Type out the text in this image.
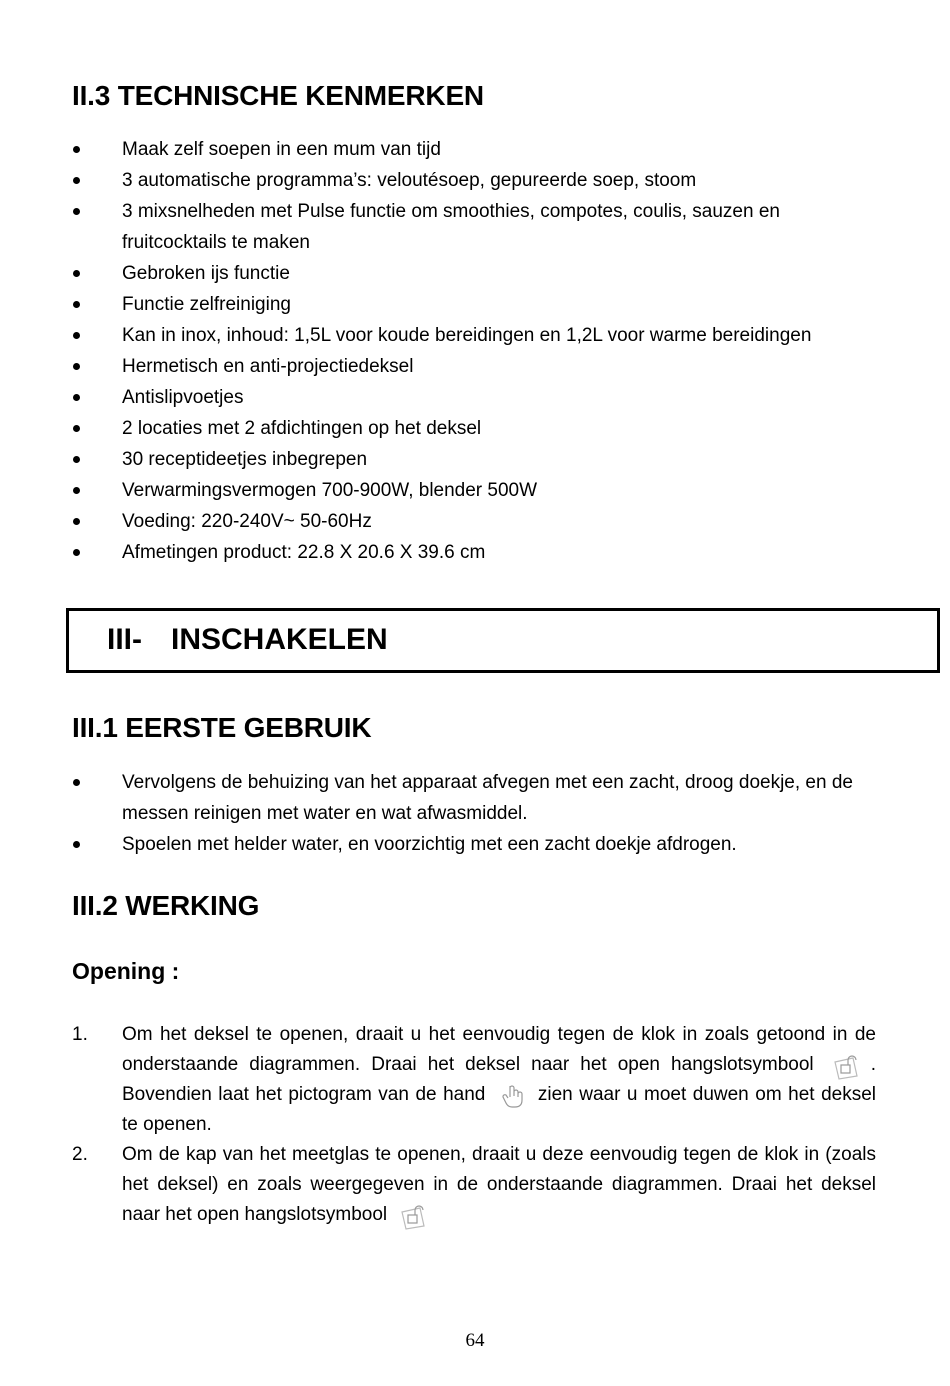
II.3 TECHNISCHE KENMERKEN
Maak zelf soepen in een mum van tijd
3 automatische programma’s: veloutésoep, gepureerde soep, stoom
3 mixsnelheden met Pulse functie om smoothies, compotes, coulis, sauzen en fruitcocktails te maken
Gebroken ijs functie
Functie zelfreiniging
Kan in inox, inhoud: 1,5L voor koude bereidingen en 1,2L voor warme bereidingen
Hermetisch en anti-projectiedeksel
Antislipvoetjes
2 locaties met 2 afdichtingen op het deksel
30 receptideetjes inbegrepen
Verwarmingsvermogen 700-900W, blender 500W
Voeding: 220-240V~ 50-60Hz
Afmetingen product: 22.8 X 20.6 X 39.6 cm
III- INSCHAKELEN
III.1 EERSTE GEBRUIK
Vervolgens de behuizing van het apparaat afvegen met een zacht, droog doekje, en de messen reinigen met water en wat afwasmiddel.
Spoelen met helder water, en voorzichtig met een zacht doekje afdrogen.
III.2 WERKING
Opening :
1. Om het deksel te openen, draait u het eenvoudig tegen de klok in zoals getoond in de onderstaande diagrammen. Draai het deksel naar het open hangslotsymbool	. Bovendien laat het pictogram van de hand	zien waar u moet duwen om het deksel te openen.
2. Om de kap van het meetglas te openen, draait u deze eenvoudig tegen de klok in (zoals het deksel) en zoals weergegeven in de onderstaande diagrammen. Draai het deksel naar het open hangslotsymbool
64
